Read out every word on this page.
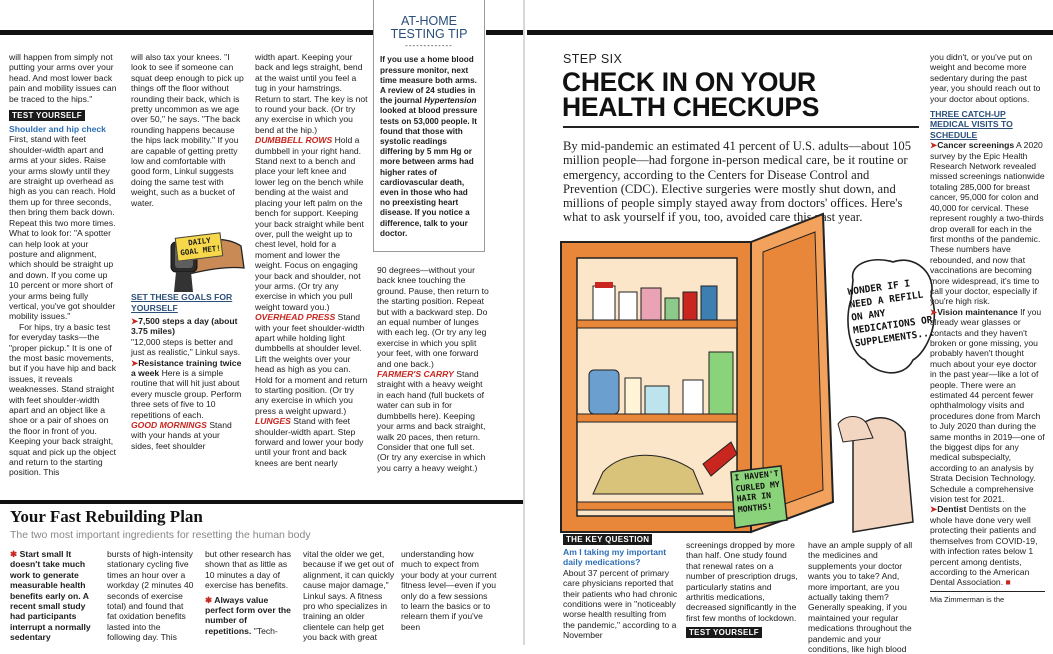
will happen from simply not putting your arms over your head. And most lower back pain and mobility issues can be traced to the hips."

TEST YOURSELF

Shoulder and hip check

First, stand with feet shoulder-width apart and arms at your sides. Raise your arms slowly until they are straight up overhead as high as you can reach. Hold them up for three seconds, then bring them back down. Repeat this two more times. What to look for: "A spotter can help look at your posture and alignment, which should be straight up and down. If you come up 10 percent or more short of your arms being fully vertical, you've got shoulder mobility issues."

For hips, try a basic test for everyday tasks—the "proper pickup." It is one of the most basic movements, but if you have hip and back issues, it reveals weaknesses. Stand straight with feet shoulder-width apart and an object like a shoe or a pair of shoes on the floor in front of you. Keeping your back straight, squat and pick up the object and return to the starting position. This

will also tax your knees. "I look to see if someone can squat deep enough to pick up things off the floor without rounding their back, which is pretty uncommon as we age over 50," he says. "The back rounding happens because the hips lack mobility." If you are capable of getting pretty low and comfortable with good form, Linkul suggests doing the same test with weight, such as a bucket of water.

SET THESE GOALS FOR YOURSELF

➤7,500 steps a day (about 3.75 miles)

"12,000 steps is better and just as realistic," Linkul says.

➤Resistance training twice a week Here is a simple routine that will hit just about every muscle group. Perform three sets of five to 10 repetitions of each.

GOOD MORNINGS Stand with your hands at your sides, feet shoulder

DAILY GOAL MET!

width apart. Keeping your back and legs straight, bend at the waist until you feel a tug in your hamstrings. Return to start. The key is not to round your back. (Or try any exercise in which you bend at the hip.)

DUMBBELL ROWS Hold a dumbbell in your right hand. Stand next to a bench and place your left knee and lower leg on the bench while bending at the waist and placing your left palm on the bench for support. Keeping your back straight while bent over, pull the weight up to chest level, hold for a moment and lower the weight. Focus on engaging your back and shoulder, not your arms. (Or try any exercise in which you pull weight toward you.)

OVERHEAD PRESS Stand with your feet shoulder-width apart while holding light dumbbells at shoulder level. Lift the weights over your head as high as you can. Hold for a moment and return to starting position. (Or try any exercise in which you press a weight upward.)

LUNGES Stand with feet shoulder-width apart. Step forward and lower your body until your front and back knees are bent nearly

AT-HOME
TESTING TIP
-------------
If you use a home blood pressure monitor, next time measure both arms. A review of 24 studies in the journal Hypertension looked at blood pressure tests on 53,000 people. It found that those with systolic readings differing by 5 mm Hg or more between arms had higher rates of cardiovascular death, even in those who had no preexisting heart disease. If you notice a difference, talk to your doctor.

90 degrees—without your back knee touching the ground. Pause, then return to the starting position. Repeat but with a backward step. Do an equal number of lunges with each leg. (Or try any leg exercise in which you split your feet, with one forward and one back.)

FARMER'S CARRY Stand straight with a heavy weight in each hand (full buckets of water can sub in for dumbbells here). Keeping your arms and back straight, walk 20 paces, then return. Consider that one full set. (Or try any exercise in which you carry a heavy weight.)

Your Fast Rebuilding Plan
The two most important ingredients for resetting the human body

✱ Start small It doesn't take much work to generate measurable health benefits early on. A recent small study had participants interrupt a normally sedentary

bursts of high-intensity stationary cycling five times an hour over a workday (2 minutes 40 seconds of exercise total) and found that fat oxidation benefits lasted into the following day. This

but other research has shown that as little as 10 minutes a day of exercise has benefits.

✱ Always value perfect form over the number of repetitions. "Tech-

vital the older we get, because if we get out of alignment, it can quickly cause major damage," Linkul says. A fitness pro who specializes in training an older clientele can help get you back with great

understanding how much to expect from your body at your current fitness level—even if you only do a few sessions to learn the basics or to relearn them if you've been

STEP SIX
CHECK IN ON YOUR
HEALTH CHECKUPS
By mid-pandemic an estimated 41 percent of U.S. adults—about 105 million people—had forgone in-person medical care, be it routine or emergency, according to the Centers for Disease Control and Prevention (CDC). Elective surgeries were mostly shut down, and millions of people simply stayed away from doctors' offices. Here's what to ask yourself if you, too, avoided care this past year.
WONDER IF I NEED A REFILL ON ANY MEDICATIONS OR SUPPLEMENTS...
I HAVEN'T CURLED MY HAIR IN MONTHS!

THE KEY QUESTION

Am I taking my important daily medications?

About 37 percent of primary care physicians reported that their patients who had chronic conditions were in "noticeably worse health resulting from the pandemic," according to a November

screenings dropped by more than half. One study found that renewal rates on a number of prescription drugs, particularly statins and arthritis medications, decreased significantly in the first few months of lockdown.

TEST YOURSELF

have an ample supply of all the medicines and supplements your doctor wants you to take? And, more important, are you actually taking them? Generally speaking, if you maintained your regular medications throughout the pandemic and your conditions, like high blood

you didn't, or you've put on weight and become more sedentary during the past year, you should reach out to your doctor about options.

THREE CATCH-UP MEDICAL VISITS TO SCHEDULE

➤Cancer screenings A 2020 survey by the Epic Health Research Network revealed missed screenings nationwide totaling 285,000 for breast cancer, 95,000 for colon and 40,000 for cervical. These represent roughly a two-thirds drop overall for each in the first months of the pandemic. These numbers have rebounded, and now that vaccinations are becoming more widespread, it's time to call your doctor, especially if you're high risk.

➤Vision maintenance If you already wear glasses or contacts and they haven't broken or gone missing, you probably haven't thought much about your eye doctor in the past year—like a lot of people. There were an estimated 44 percent fewer ophthalmology visits and procedures done from March to July 2020 than during the same months in 2019—one of the biggest dips for any medical subspecialty, according to an analysis by Strata Decision Technology. Schedule a comprehensive vision test for 2021.

➤Dentist Dentists on the whole have done very well protecting their patients and themselves from COVID-19, with infection rates below 1 percent among dentists, according to the American Dental Association. ■

Mia Zimmerman is the
